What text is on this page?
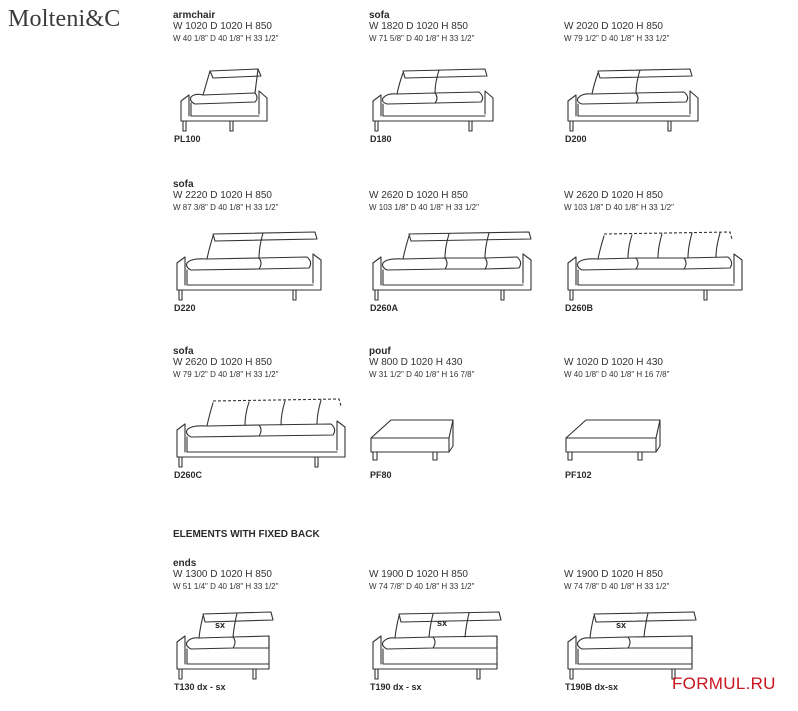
Molteni&C	armchair
W 1020 D 1020 H 850
W 40 1/8" D 40 1/8" H 33 1/2"
PL100
sofa
W 1820 D 1020 H 850
W 71 5/8" D 40 1/8" H 33 1/2"
D180
W 2020 D 1020 H 850
W 79 1/2" D 40 1/8" H 33 1/2"
D200
sofa
W 2220 D 1020 H 850
W 87 3/8" D 40 1/8" H 33 1/2"
D220
W 2620 D 1020 H 850
W 103 1/8" D 40 1/8" H 33 1/2"
D260A
W 2620 D 1020 H 850
W 103 1/8" D 40 1/8" H 33 1/2"
D260B
sofa
W 2620 D 1020 H 850
W 79 1/2" D 40 1/8" H 33 1/2"
D260C
pouf
W 800 D 1020 H 430
W 31 1/2" D 40 1/8" H 16 7/8"
PF80
W 1020 D 1020 H 430
W 40 1/8" D 40 1/8" H 16 7/8"
PF102
ELEMENTS WITH FIXED BACK
ends
W 1300 D 1020 H 850
W 51 1/4" D 40 1/8" H 33 1/2"
sx
T130 dx - sx
W 1900 D 1020 H 850
W 74 7/8" D 40 1/8" H 33 1/2"
sx
T190 dx - sx
W 1900 D 1020 H 850
W 74 7/8" D 40 1/8" H 33 1/2"
sx
T190B dx-sx	FORMUL.RU
